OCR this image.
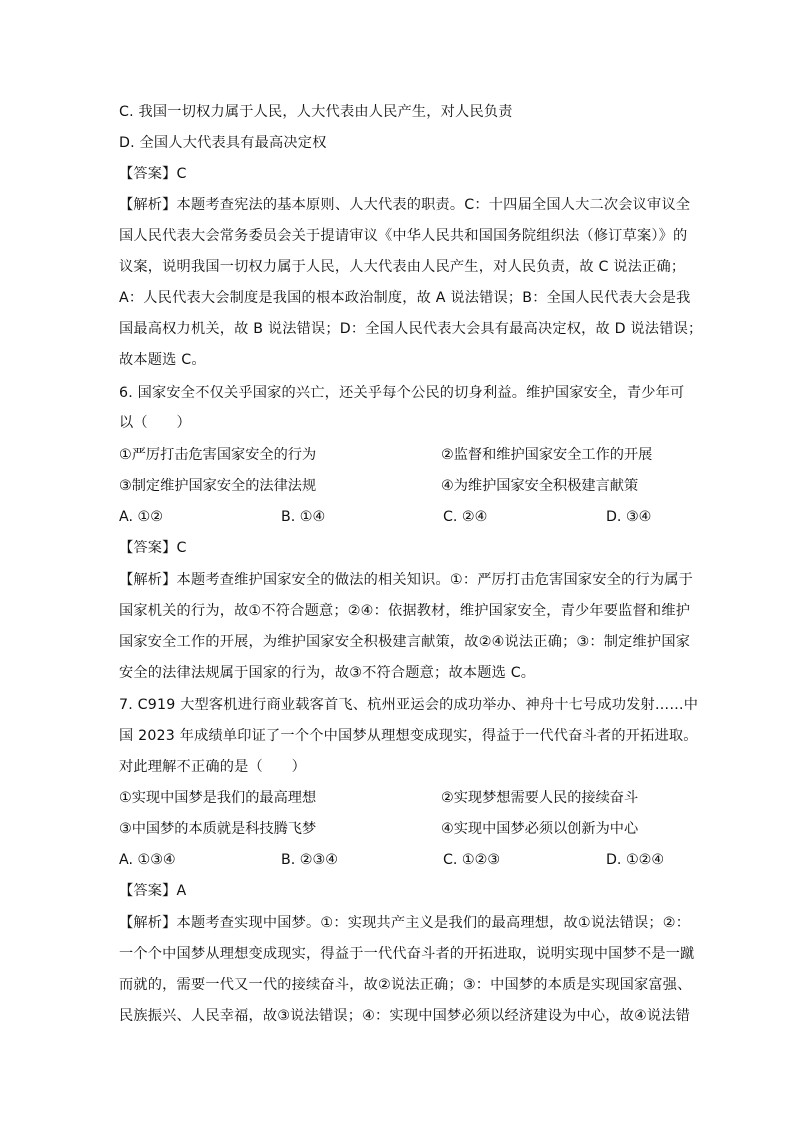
C. 我国一切权力属于人民，人大代表由人民产生，对人民负责
D. 全国人大代表具有最高决定权
【答案】C
【解析】本题考查宪法的基本原则、人大代表的职责。C：十四届全国人大二次会议审议全
国人民代表大会常务委员会关于提请审议《中华人民共和国国务院组织法（修订草案）》的
议案，说明我国一切权力属于人民，人大代表由人民产生，对人民负责，故 C 说法正确；
A：人民代表大会制度是我国的根本政治制度，故 A 说法错误；B：全国人民代表大会是我
国最高权力机关，故 B 说法错误；D：全国人民代表大会具有最高决定权，故 D 说法错误；
故本题选 C。
6. 国家安全不仅关乎国家的兴亡，还关乎每个公民的切身利益。维护国家安全，青少年可
以（　　）
①严厉打击危害国家安全的行为	②监督和维护国家安全工作的开展
③制定维护国家安全的法律法规	④为维护国家安全积极建言献策
A. ①②	B. ①④	C. ②④	D. ③④
【答案】C
【解析】本题考查维护国家安全的做法的相关知识。①：严厉打击危害国家安全的行为属于
国家机关的行为，故①不符合题意；②④：依据教材，维护国家安全，青少年要监督和维护
国家安全工作的开展，为维护国家安全积极建言献策，故②④说法正确；③：制定维护国家
安全的法律法规属于国家的行为，故③不符合题意；故本题选 C。
7. C919 大型客机进行商业载客首飞、杭州亚运会的成功举办、神舟十七号成功发射……中
国 2023 年成绩单印证了一个个中国梦从理想变成现实，得益于一代代奋斗者的开拓进取。
对此理解不正确的是（　　）
①实现中国梦是我们的最高理想	②实现梦想需要人民的接续奋斗
③中国梦的本质就是科技腾飞梦	④实现中国梦必须以创新为中心
A. ①③④	B. ②③④	C. ①②③	D. ①②④
【答案】A
【解析】本题考查实现中国梦。①：实现共产主义是我们的最高理想，故①说法错误；②：
一个个中国梦从理想变成现实，得益于一代代奋斗者的开拓进取，说明实现中国梦不是一蹴
而就的，需要一代又一代的接续奋斗，故②说法正确；③：中国梦的本质是实现国家富强、
民族振兴、人民幸福，故③说法错误；④：实现中国梦必须以经济建设为中心，故④说法错
